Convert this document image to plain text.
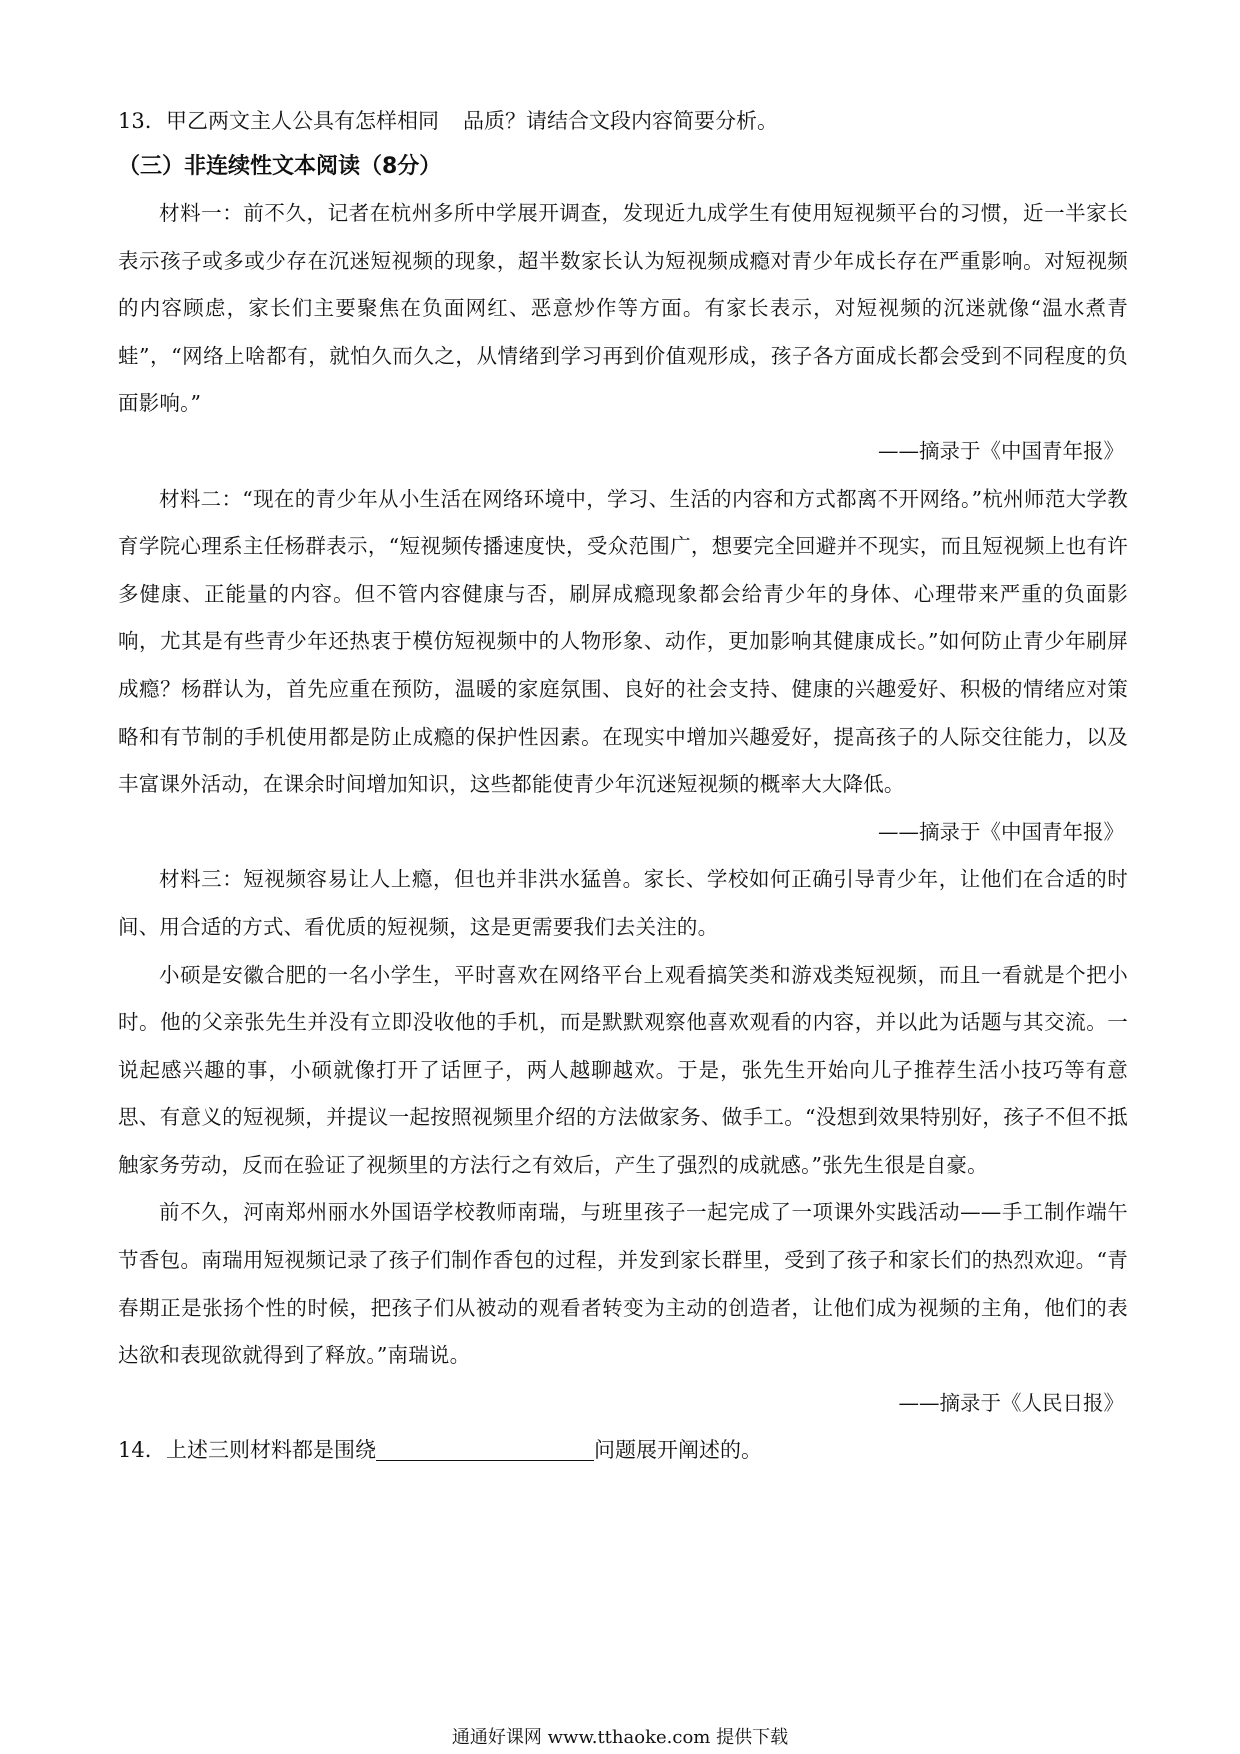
13. 甲乙两文主人公具有怎样相同 品质？请结合文段内容简要分析。

（三）非连续性文本阅读（8分）

材料一：前不久，记者在杭州多所中学展开调查，发现近九成学生有使用短视频平台的习惯，近一半家长表示孩子或多或少存在沉迷短视频的现象，超半数家长认为短视频成瘾对青少年成长存在严重影响。对短视频的内容顾虑，家长们主要聚焦在负面网红、恶意炒作等方面。有家长表示，对短视频的沉迷就像“温水煮青蛙”，“网络上啥都有，就怕久而久之，从情绪到学习再到价值观形成，孩子各方面成长都会受到不同程度的负面影响。”

——摘录于《中国青年报》

材料二：“现在的青少年从小生活在网络环境中，学习、生活的内容和方式都离不开网络。”杭州师范大学教育学院心理系主任杨群表示，“短视频传播速度快，受众范围广，想要完全回避并不现实，而且短视频上也有许多健康、正能量的内容。但不管内容健康与否，刷屏成瘾现象都会给青少年的身体、心理带来严重的负面影响，尤其是有些青少年还热衷于模仿短视频中的人物形象、动作，更加影响其健康成长。”如何防止青少年刷屏成瘾？杨群认为，首先应重在预防，温暖的家庭氛围、良好的社会支持、健康的兴趣爱好、积极的情绪应对策略和有节制的手机使用都是防止成瘾的保护性因素。在现实中增加兴趣爱好，提高孩子的人际交往能力，以及丰富课外活动，在课余时间增加知识，这些都能使青少年沉迷短视频的概率大大降低。

——摘录于《中国青年报》

材料三：短视频容易让人上瘾，但也并非洪水猛兽。家长、学校如何正确引导青少年，让他们在合适的时间、用合适的方式、看优质的短视频，这是更需要我们去关注的。

小硕是安徽合肥的一名小学生，平时喜欢在网络平台上观看搞笑类和游戏类短视频，而且一看就是个把小时。他的父亲张先生并没有立即没收他的手机，而是默默观察他喜欢观看的内容，并以此为话题与其交流。一说起感兴趣的事，小硕就像打开了话匣子，两人越聊越欢。于是，张先生开始向儿子推荐生活小技巧等有意思、有意义的短视频，并提议一起按照视频里介绍的方法做家务、做手工。“没想到效果特别好，孩子不但不抵触家务劳动，反而在验证了视频里的方法行之有效后，产生了强烈的成就感。”张先生很是自豪。

前不久，河南郑州丽水外国语学校教师南瑞，与班里孩子一起完成了一项课外实践活动——手工制作端午节香包。南瑞用短视频记录了孩子们制作香包的过程，并发到家长群里，受到了孩子和家长们的热烈欢迎。“青春期正是张扬个性的时候，把孩子们从被动的观看者转变为主动的创造者，让他们成为视频的主角，他们的表达欲和表现欲就得到了释放。”南瑞说。

——摘录于《人民日报》

14. 上述三则材料都是围绕	问题展开阐述的。

通通好课网 www.tthaoke.com 提供下载
